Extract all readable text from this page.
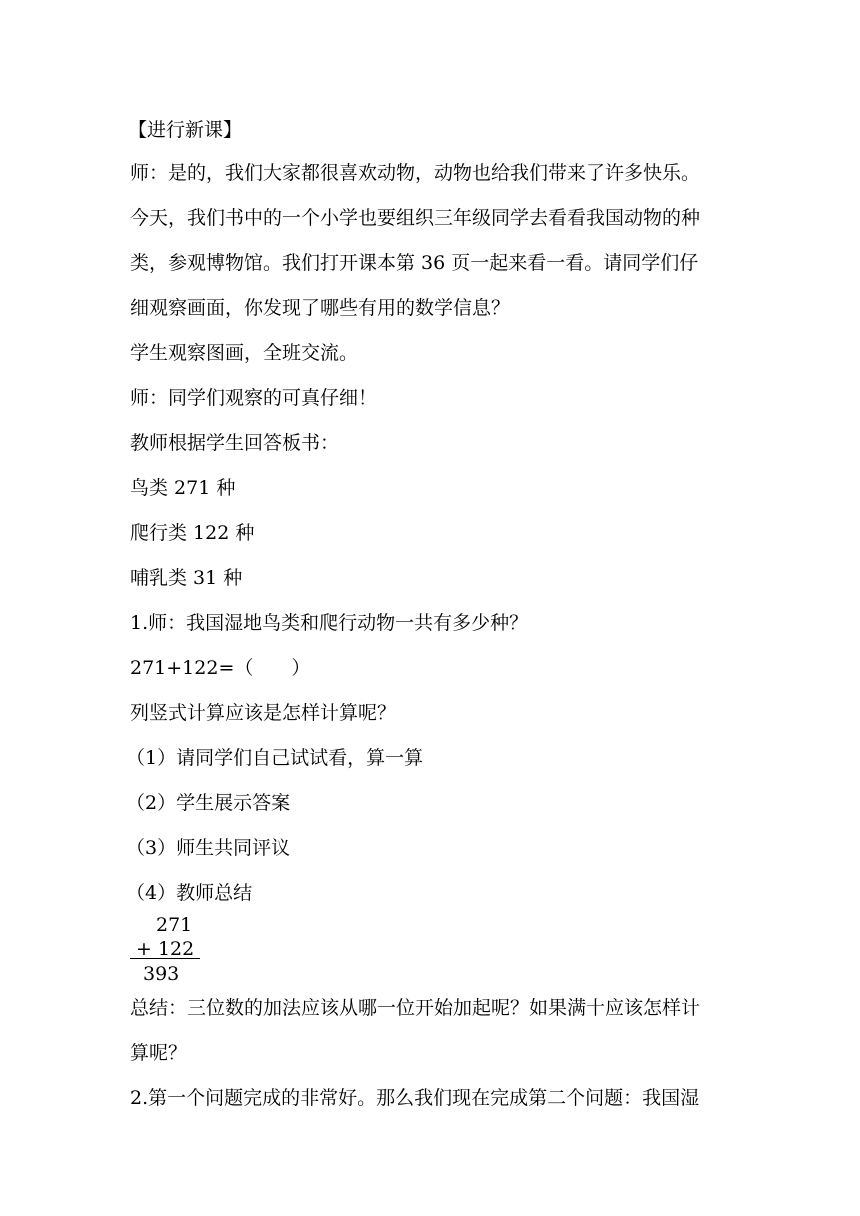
【进行新课】
师：是的，我们大家都很喜欢动物，动物也给我们带来了许多快乐。
今天，我们书中的一个小学也要组织三年级同学去看看我国动物的种
类，参观博物馆。我们打开课本第 36 页一起来看一看。请同学们仔
细观察画面，你发现了哪些有用的数学信息？
学生观察图画，全班交流。
师：同学们观察的可真仔细！
教师根据学生回答板书：
鸟类 271 种
爬行类 122 种
哺乳类 31 种
1.师：我国湿地鸟类和爬行动物一共有多少种？
271+122=（　　）
列竖式计算应该是怎样计算呢？
（1）请同学们自己试试看，算一算
（2）学生展示答案
（3）师生共同评议
（4）教师总结
271
+ 122
393
总结：三位数的加法应该从哪一位开始加起呢？如果满十应该怎样计
算呢？
2.第一个问题完成的非常好。那么我们现在完成第二个问题：我国湿
